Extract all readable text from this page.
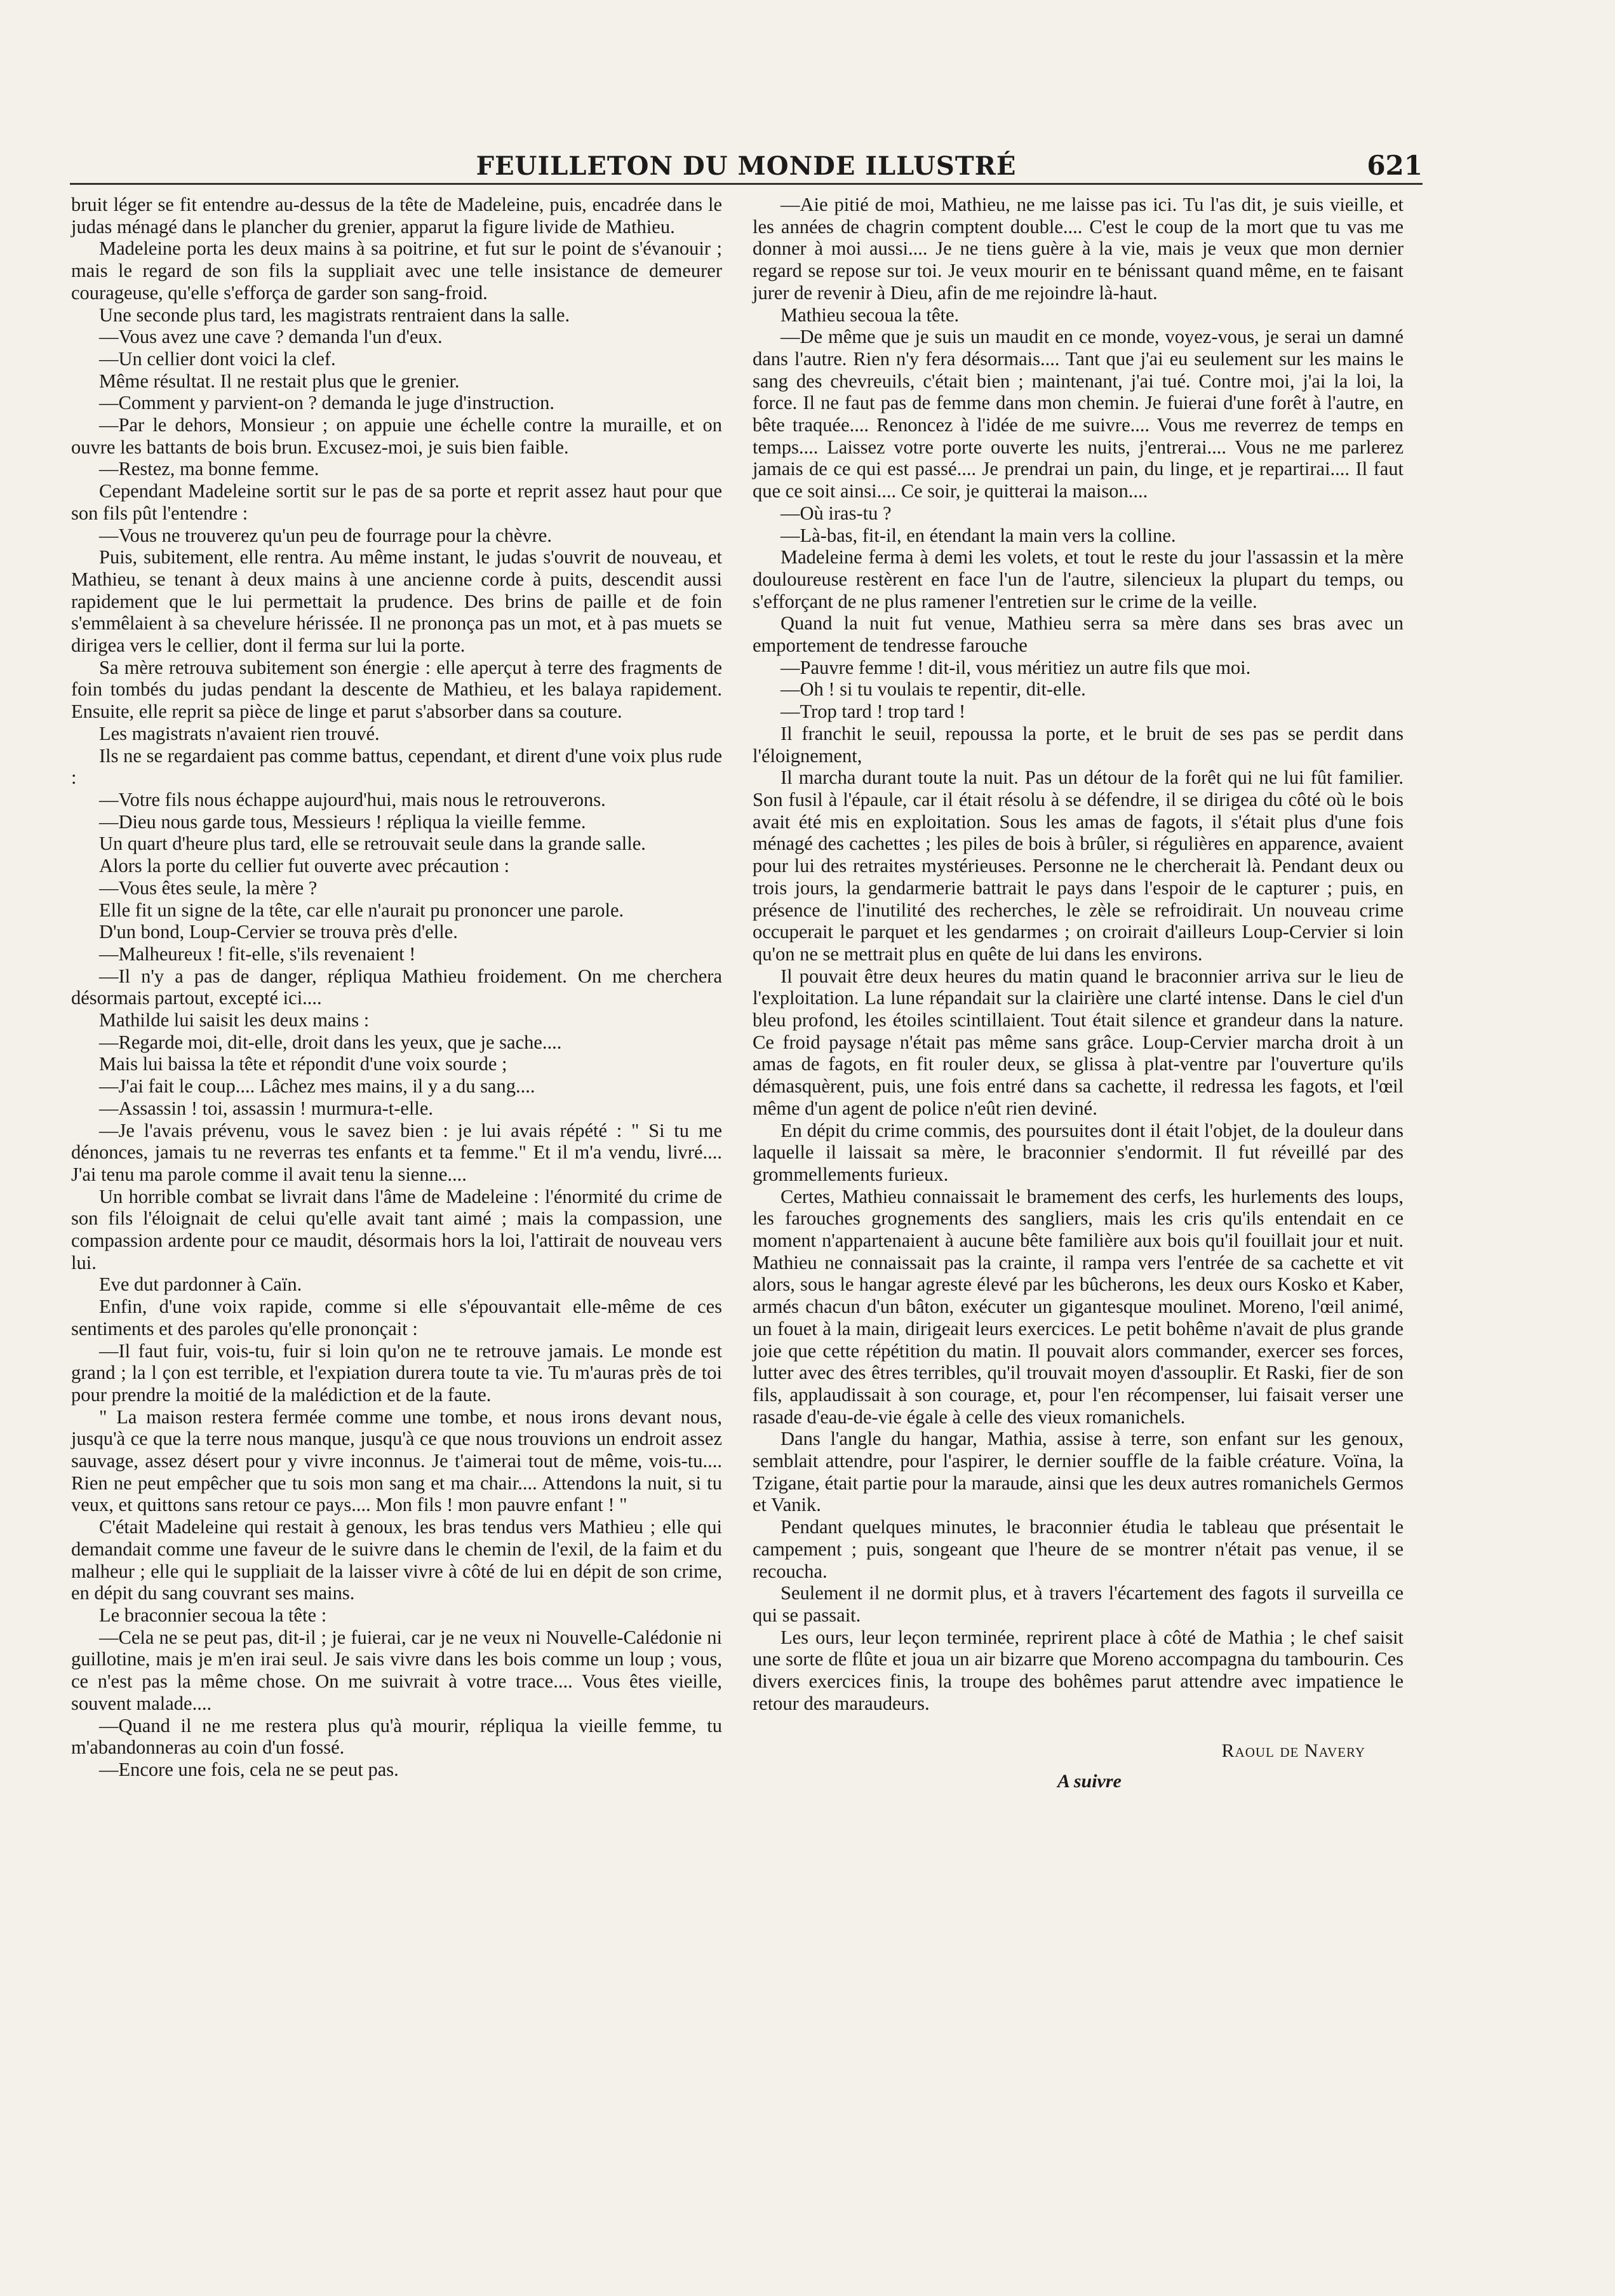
FEUILLETON DU MONDE ILLUSTRÉ	621

bruit léger se fit entendre au-dessus de la tête de Madeleine, puis, encadrée dans le judas ménagé dans le plancher du grenier, apparut la figure livide de Mathieu.

Madeleine porta les deux mains à sa poitrine, et fut sur le point de s'évanouir ; mais le regard de son fils la suppliait avec une telle insistance de demeurer courageuse, qu'elle s'efforça de garder son sang-froid.

Une seconde plus tard, les magistrats rentraient dans la salle.

—Vous avez une cave ? demanda l'un d'eux.

—Un cellier dont voici la clef.

Même résultat. Il ne restait plus que le grenier.

—Comment y parvient-on ? demanda le juge d'instruction.

—Par le dehors, Monsieur ; on appuie une échelle contre la muraille, et on ouvre les battants de bois brun. Excusez-moi, je suis bien faible.

—Restez, ma bonne femme.

Cependant Madeleine sortit sur le pas de sa porte et reprit assez haut pour que son fils pût l'entendre :

—Vous ne trouverez qu'un peu de fourrage pour la chèvre.

Puis, subitement, elle rentra. Au même instant, le judas s'ouvrit de nouveau, et Mathieu, se tenant à deux mains à une ancienne corde à puits, descendit aussi rapidement que le lui permettait la prudence. Des brins de paille et de foin s'emmêlaient à sa chevelure hérissée. Il ne prononça pas un mot, et à pas muets se dirigea vers le cellier, dont il ferma sur lui la porte.

Sa mère retrouva subitement son énergie : elle aperçut à terre des fragments de foin tombés du judas pendant la descente de Mathieu, et les balaya rapidement. Ensuite, elle reprit sa pièce de linge et parut s'absorber dans sa couture.

Les magistrats n'avaient rien trouvé.

Ils ne se regardaient pas comme battus, cependant, et dirent d'une voix plus rude :

—Votre fils nous échappe aujourd'hui, mais nous le retrouverons.

—Dieu nous garde tous, Messieurs ! répliqua la vieille femme.

Un quart d'heure plus tard, elle se retrouvait seule dans la grande salle.

Alors la porte du cellier fut ouverte avec précaution :

—Vous êtes seule, la mère ?

Elle fit un signe de la tête, car elle n'aurait pu prononcer une parole.

D'un bond, Loup-Cervier se trouva près d'elle.

—Malheureux ! fit-elle, s'ils revenaient !

—Il n'y a pas de danger, répliqua Mathieu froidement. On me cherchera désormais partout, excepté ici....

Mathilde lui saisit les deux mains :

—Regarde moi, dit-elle, droit dans les yeux, que je sache....

Mais lui baissa la tête et répondit d'une voix sourde ;

—J'ai fait le coup.... Lâchez mes mains, il y a du sang....

—Assassin ! toi, assassin ! murmura-t-elle.

—Je l'avais prévenu, vous le savez bien : je lui avais répété : " Si tu me dénonces, jamais tu ne reverras tes enfants et ta femme." Et il m'a vendu, livré.... J'ai tenu ma parole comme il avait tenu la sienne....

Un horrible combat se livrait dans l'âme de Madeleine : l'énormité du crime de son fils l'éloignait de celui qu'elle avait tant aimé ; mais la compassion, une compassion ardente pour ce maudit, désormais hors la loi, l'attirait de nouveau vers lui.

Eve dut pardonner à Caïn.

Enfin, d'une voix rapide, comme si elle s'épouvantait elle-même de ces sentiments et des paroles qu'elle prononçait :

—Il faut fuir, vois-tu, fuir si loin qu'on ne te retrouve jamais. Le monde est grand ; la l çon est terrible, et l'expiation durera toute ta vie. Tu m'auras près de toi pour prendre la moitié de la malédiction et de la faute.

" La maison restera fermée comme une tombe, et nous irons devant nous, jusqu'à ce que la terre nous manque, jusqu'à ce que nous trouvions un endroit assez sauvage, assez désert pour y vivre inconnus. Je t'aimerai tout de même, vois-tu.... Rien ne peut empêcher que tu sois mon sang et ma chair.... Attendons la nuit, si tu veux, et quittons sans retour ce pays.... Mon fils ! mon pauvre enfant ! "

C'était Madeleine qui restait à genoux, les bras tendus vers Mathieu ; elle qui demandait comme une faveur de le suivre dans le chemin de l'exil, de la faim et du malheur ; elle qui le suppliait de la laisser vivre à côté de lui en dépit de son crime, en dépit du sang couvrant ses mains.

Le braconnier secoua la tête :

—Cela ne se peut pas, dit-il ; je fuierai, car je ne veux ni Nouvelle-Calédonie ni guillotine, mais je m'en irai seul. Je sais vivre dans les bois comme un loup ; vous, ce n'est pas la même chose. On me suivrait à votre trace.... Vous êtes vieille, souvent malade....

—Quand il ne me restera plus qu'à mourir, répliqua la vieille femme, tu m'abandonneras au coin d'un fossé.

—Encore une fois, cela ne se peut pas.

—Aie pitié de moi, Mathieu, ne me laisse pas ici. Tu l'as dit, je suis vieille, et les années de chagrin comptent double.... C'est le coup de la mort que tu vas me donner à moi aussi.... Je ne tiens guère à la vie, mais je veux que mon dernier regard se repose sur toi. Je veux mourir en te bénissant quand même, en te faisant jurer de revenir à Dieu, afin de me rejoindre là-haut.

Mathieu secoua la tête.

—De même que je suis un maudit en ce monde, voyez-vous, je serai un damné dans l'autre. Rien n'y fera désormais.... Tant que j'ai eu seulement sur les mains le sang des chevreuils, c'était bien ; maintenant, j'ai tué. Contre moi, j'ai la loi, la force. Il ne faut pas de femme dans mon chemin. Je fuierai d'une forêt à l'autre, en bête traquée.... Renoncez à l'idée de me suivre.... Vous me reverrez de temps en temps.... Laissez votre porte ouverte les nuits, j'entrerai.... Vous ne me parlerez jamais de ce qui est passé.... Je prendrai un pain, du linge, et je repartirai.... Il faut que ce soit ainsi.... Ce soir, je quitterai la maison....

—Où iras-tu ?

—Là-bas, fit-il, en étendant la main vers la colline.

Madeleine ferma à demi les volets, et tout le reste du jour l'assassin et la mère douloureuse restèrent en face l'un de l'autre, silencieux la plupart du temps, ou s'efforçant de ne plus ramener l'entretien sur le crime de la veille.

Quand la nuit fut venue, Mathieu serra sa mère dans ses bras avec un emportement de tendresse farouche

—Pauvre femme ! dit-il, vous méritiez un autre fils que moi.

—Oh ! si tu voulais te repentir, dit-elle.

—Trop tard ! trop tard !

Il franchit le seuil, repoussa la porte, et le bruit de ses pas se perdit dans l'éloignement,

Il marcha durant toute la nuit. Pas un détour de la forêt qui ne lui fût familier. Son fusil à l'épaule, car il était résolu à se défendre, il se dirigea du côté où le bois avait été mis en exploitation. Sous les amas de fagots, il s'était plus d'une fois ménagé des cachettes ; les piles de bois à brûler, si régulières en apparence, avaient pour lui des retraites mystérieuses. Personne ne le chercherait là. Pendant deux ou trois jours, la gendarmerie battrait le pays dans l'espoir de le capturer ; puis, en présence de l'inutilité des recherches, le zèle se refroidirait. Un nouveau crime occuperait le parquet et les gendarmes ; on croirait d'ailleurs Loup-Cervier si loin qu'on ne se mettrait plus en quête de lui dans les environs.

Il pouvait être deux heures du matin quand le braconnier arriva sur le lieu de l'exploitation. La lune répandait sur la clairière une clarté intense. Dans le ciel d'un bleu profond, les étoiles scintillaient. Tout était silence et grandeur dans la nature. Ce froid paysage n'était pas même sans grâce. Loup-Cervier marcha droit à un amas de fagots, en fit rouler deux, se glissa à plat-ventre par l'ouverture qu'ils démasquèrent, puis, une fois entré dans sa cachette, il redressa les fagots, et l'œil même d'un agent de police n'eût rien deviné.

En dépit du crime commis, des poursuites dont il était l'objet, de la douleur dans laquelle il laissait sa mère, le braconnier s'endormit. Il fut réveillé par des grommellements furieux.

Certes, Mathieu connaissait le bramement des cerfs, les hurlements des loups, les farouches grognements des sangliers, mais les cris qu'ils entendait en ce moment n'appartenaient à aucune bête familière aux bois qu'il fouillait jour et nuit. Mathieu ne connaissait pas la crainte, il rampa vers l'entrée de sa cachette et vit alors, sous le hangar agreste élevé par les bûcherons, les deux ours Kosko et Kaber, armés chacun d'un bâton, exécuter un gigantesque moulinet. Moreno, l'œil animé, un fouet à la main, dirigeait leurs exercices. Le petit bohême n'avait de plus grande joie que cette répétition du matin. Il pouvait alors commander, exercer ses forces, lutter avec des êtres terribles, qu'il trouvait moyen d'assouplir. Et Raski, fier de son fils, applaudissait à son courage, et, pour l'en récompenser, lui faisait verser une rasade d'eau-de-vie égale à celle des vieux romanichels.

Dans l'angle du hangar, Mathia, assise à terre, son enfant sur les genoux, semblait attendre, pour l'aspirer, le dernier souffle de la faible créature. Voïna, la Tzigane, était partie pour la maraude, ainsi que les deux autres romanichels Germos et Vanik.

Pendant quelques minutes, le braconnier étudia le tableau que présentait le campement ; puis, songeant que l'heure de se montrer n'était pas venue, il se recoucha.

Seulement il ne dormit plus, et à travers l'écartement des fagots il surveilla ce qui se passait.

Les ours, leur leçon terminée, reprirent place à côté de Mathia ; le chef saisit une sorte de flûte et joua un air bizarre que Moreno accompagna du tambourin. Ces divers exercices finis, la troupe des bohêmes parut attendre avec impatience le retour des maraudeurs.

Raoul de Navery
A suivre
